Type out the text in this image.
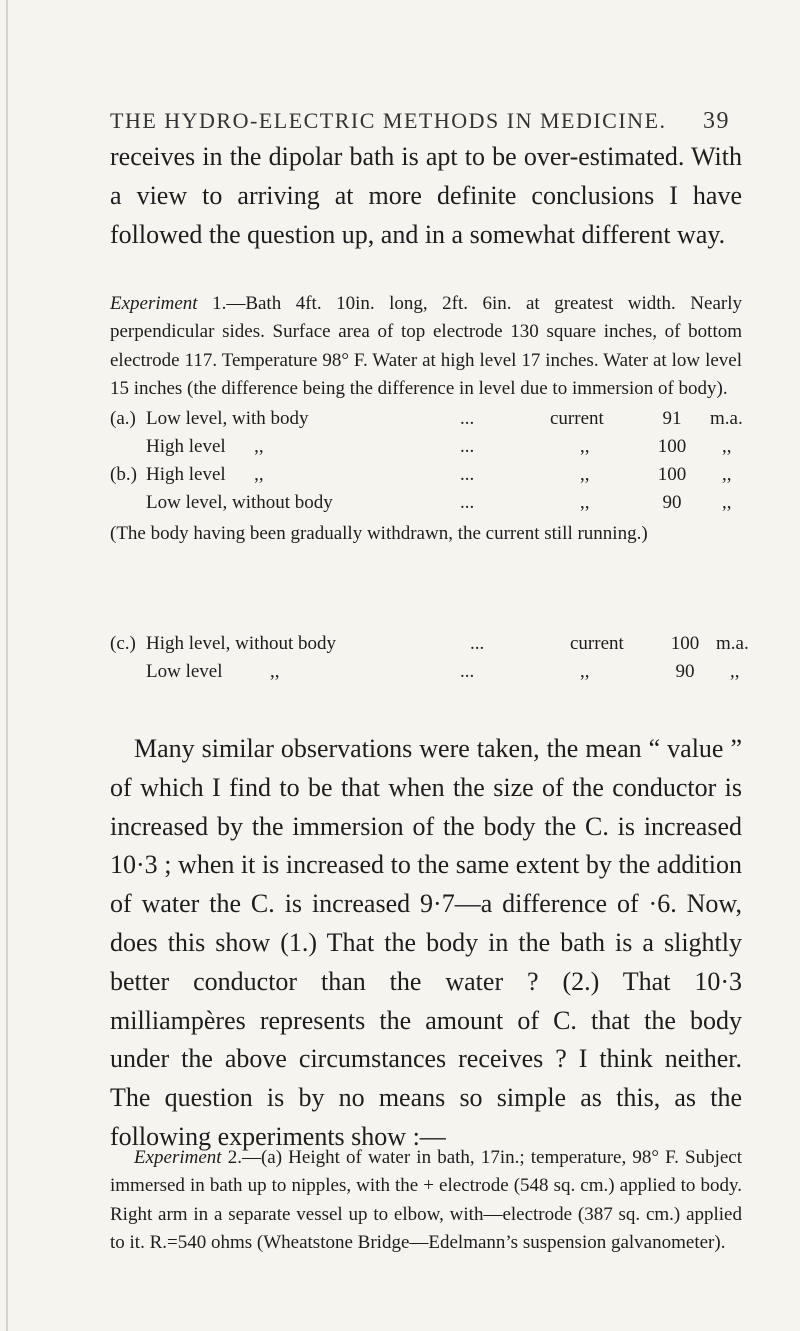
THE HYDRO-ELECTRIC METHODS IN MEDICINE. 39

receives in the dipolar bath is apt to be over-estimated. With a view to arriving at more definite conclusions I have followed the question up, and in a somewhat different way.

Experiment 1.—Bath 4ft. 10in. long, 2ft. 6in. at greatest width. Nearly perpendicular sides. Surface area of top electrode 130 square inches, of bottom electrode 117. Temperature 98° F. Water at high level 17 inches. Water at low level 15 inches (the difference being the difference in level due to immersion of body).

(a.) Low level, with body	...	current	91	m.a.
High level      ,,	...	,,	100	,,
(b.) High level      ,,	...	,,	100	,,
Low level, without body	...	,,	90	,,

(The body having been gradually withdrawn, the current still running.)

(c.) High level, without body	...	current	100 m.a.
Low level          ,,	...	,,	90	,,

Many similar observations were taken, the mean “ value ” of which I find to be that when the size of the conductor is increased by the immersion of the body the C. is increased 10·3 ; when it is increased to the same extent by the addition of water the C. is increased 9·7—a difference of ·6. Now, does this show (1.) That the body in the bath is a slightly better conductor than the water ? (2.) That 10·3 milliampères represents the amount of C. that the body under the above circumstances receives ? I think neither. The question is by no means so simple as this, as the following experiments show :—

Experiment 2.—(a) Height of water in bath, 17in.; temperature, 98° F. Subject immersed in bath up to nipples, with the + electrode (548 sq. cm.) applied to body. Right arm in a separate vessel up to elbow, with—electrode (387 sq. cm.) applied to it. R.=540 ohms (Wheatstone Bridge—Edelmann’s suspension galvanometer).
